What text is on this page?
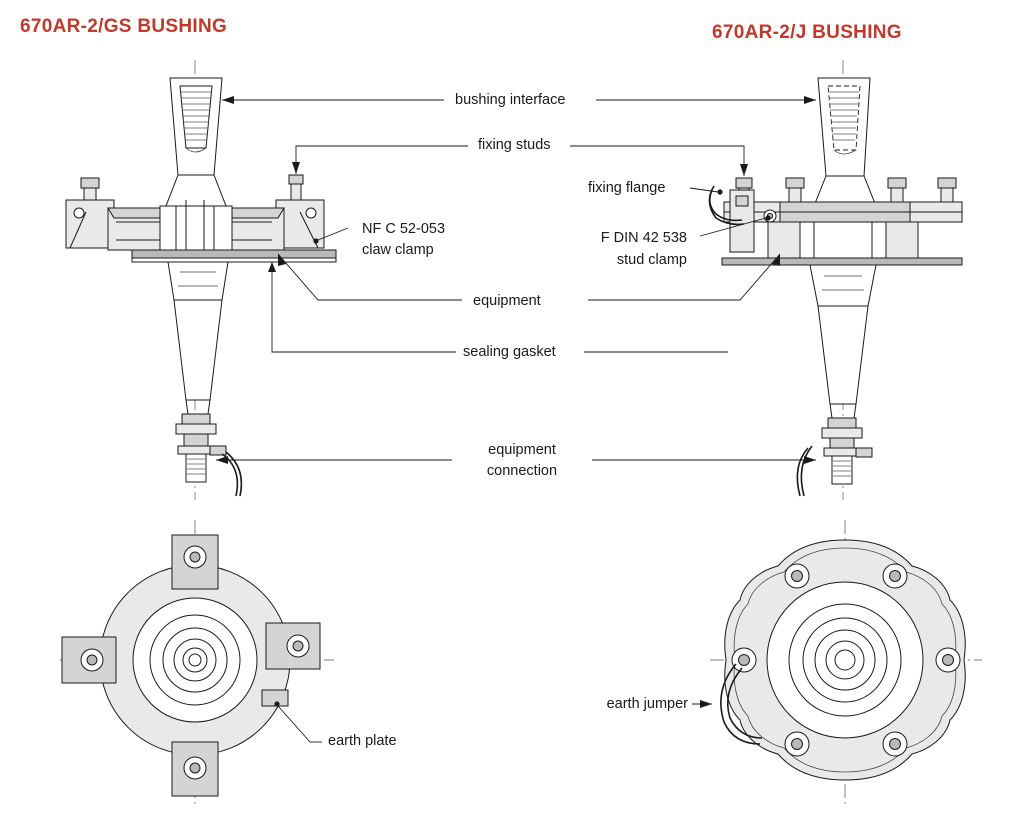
670AR-2/GS BUSHING	670AR-2/J BUSHING
bushing interface
fixing studs
fixing flange
NF C 52-053
claw clamp
F DIN 42 538
stud clamp
equipment
sealing gasket
equipment
connection
earth plate
earth jumper
